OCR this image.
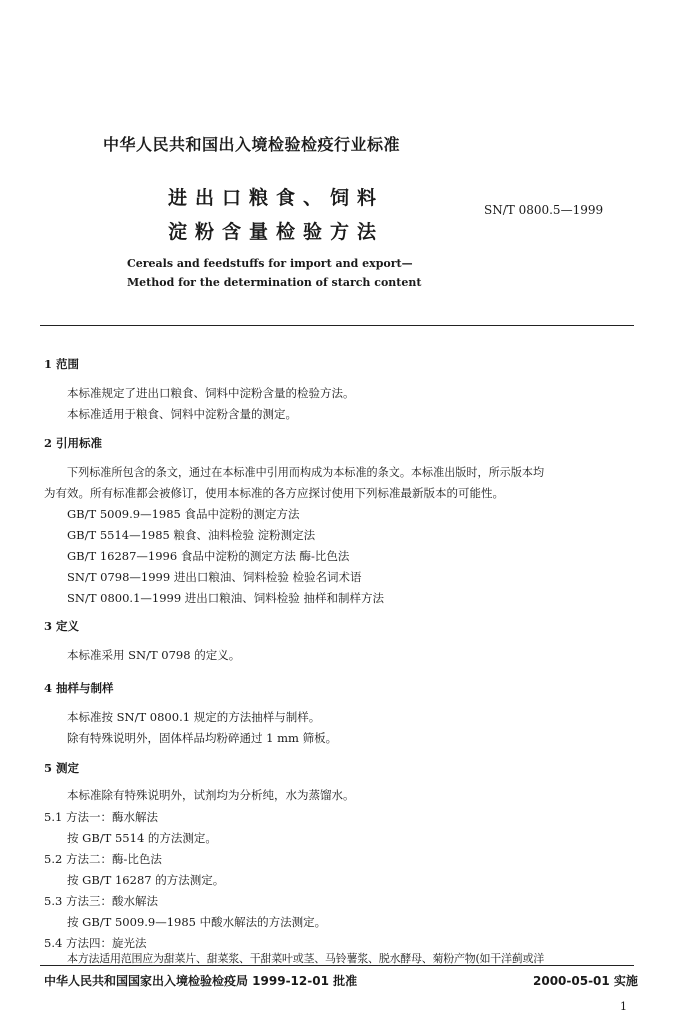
中华人民共和国出入境检验检疫行业标准
进出口粮食、饲料
淀粉含量检验方法
SN/T 0800.5—1999
Cereals and feedstuffs for import and export—
Method for the determination of starch content
1 范围
本标准规定了进出口粮食、饲料中淀粉含量的检验方法。
本标准适用于粮食、饲料中淀粉含量的测定。
2 引用标准
下列标准所包含的条文，通过在本标准中引用而构成为本标准的条文。本标准出版时，所示版本均
为有效。所有标准都会被修订，使用本标准的各方应探讨使用下列标准最新版本的可能性。
GB/T 5009.9—1985 食品中淀粉的测定方法
GB/T 5514—1985 粮食、油料检验 淀粉测定法
GB/T 16287—1996 食品中淀粉的测定方法 酶-比色法
SN/T 0798—1999 进出口粮油、饲料检验 检验名词术语
SN/T 0800.1—1999 进出口粮油、饲料检验 抽样和制样方法
3 定义
本标准采用 SN/T 0798 的定义。
4 抽样与制样
本标准按 SN/T 0800.1 规定的方法抽样与制样。
除有特殊说明外，固体样品均粉碎通过 1 mm 筛板。
5 测定
本标准除有特殊说明外，试剂均为分析纯，水为蒸馏水。
5.1 方法一：酶水解法
按 GB/T 5514 的方法测定。
5.2 方法二：酶-比色法
按 GB/T 16287 的方法测定。
5.3 方法三：酸水解法
按 GB/T 5009.9—1985 中酸水解法的方法测定。
5.4 方法四：旋光法
本方法适用范围应为甜菜片、甜菜浆、干甜菜叶或茎、马铃薯浆、脱水酵母、菊粉产物(如干洋蓟或洋
中华人民共和国国家出入境检验检疫局 1999-12-01 批准	2000-05-01 实施
1
